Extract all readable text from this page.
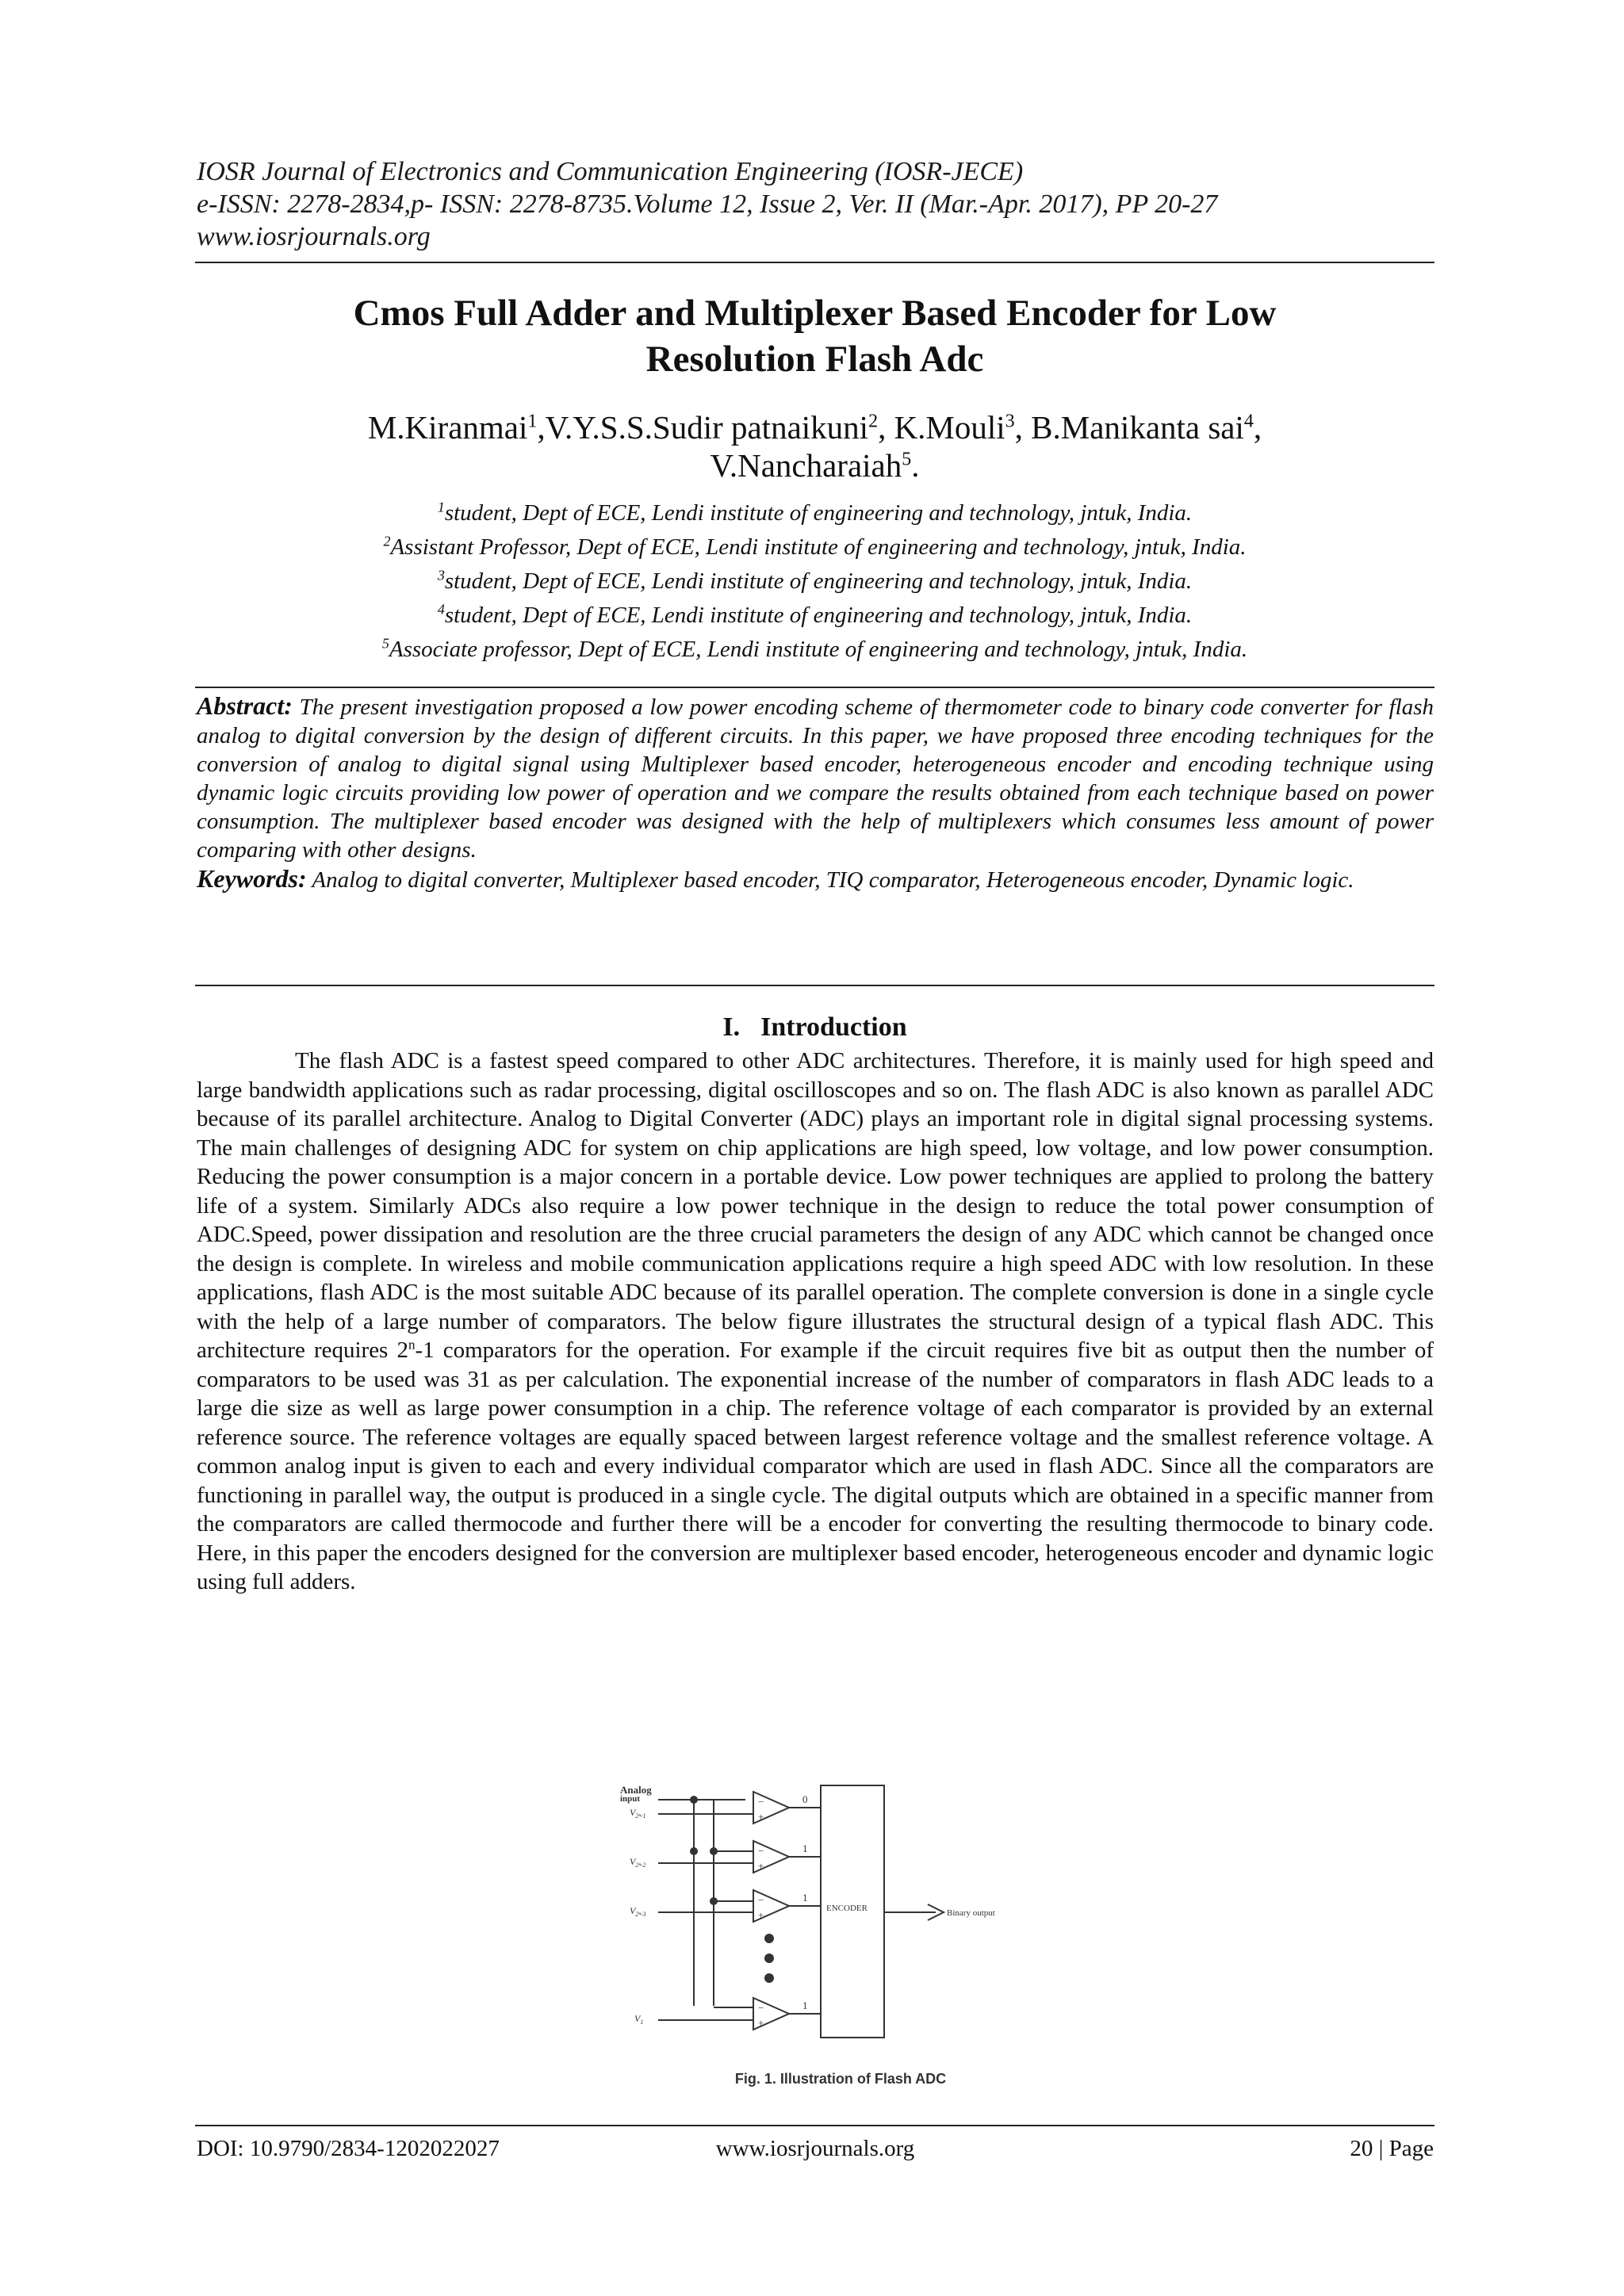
IOSR Journal of Electronics and Communication Engineering (IOSR-JECE)
e-ISSN: 2278-2834,p- ISSN: 2278-8735.Volume 12, Issue 2, Ver. II (Mar.-Apr. 2017), PP 20-27
www.iosrjournals.org
Cmos Full Adder and Multiplexer Based Encoder for Low
Resolution Flash Adc
M.Kiranmai$^1$,V.Y.S.S.Sudir patnaikuni$^2$, K.Mouli$^3$, B.Manikanta sai$^4$,
V.Nancharaiah$^5$.
$^1$student, Dept of ECE, Lendi institute of engineering and technology, jntuk, India.
$^2$Assistant Professor, Dept of ECE, Lendi institute of engineering and technology, jntuk, India.
$^3$student, Dept of ECE, Lendi institute of engineering and technology, jntuk, India.
$^4$student, Dept of ECE, Lendi institute of engineering and technology, jntuk, India.
$^5$Associate professor, Dept of ECE, Lendi institute of engineering and technology, jntuk, India.
Abstract: The present investigation proposed a low power encoding scheme of thermometer code to binary code converter for flash analog to digital conversion by the design of different circuits. In this paper, we have proposed three encoding techniques for the conversion of analog to digital signal using Multiplexer based encoder, heterogeneous encoder and encoding technique using dynamic logic circuits providing low power of operation and we compare the results obtained from each technique based on power consumption. The multiplexer based encoder was designed with the help of multiplexers which consumes less amount of power comparing with other designs.
Keywords: Analog to digital converter, Multiplexer based encoder, TIQ comparator, Heterogeneous encoder, Dynamic logic.
I. Introduction

The flash ADC is a fastest speed compared to other ADC architectures. Therefore, it is mainly used for high speed and large bandwidth applications such as radar processing, digital oscilloscopes and so on. The flash ADC is also known as parallel ADC because of its parallel architecture. Analog to Digital Converter (ADC) plays an important role in digital signal processing systems. The main challenges of designing ADC for system on chip applications are high speed, low voltage, and low power consumption. Reducing the power consumption is a major concern in a portable device. Low power techniques are applied to prolong the battery life of a system. Similarly ADCs also require a low power technique in the design to reduce the total power consumption of ADC.Speed, power dissipation and resolution are the three crucial parameters the design of any ADC which cannot be changed once the design is complete. In wireless and mobile communication applications require a high speed ADC with low resolution. In these applications, flash ADC is the most suitable ADC because of its parallel operation. The complete conversion is done in a single cycle with the help of a large number of comparators. The below figure illustrates the structural design of a typical flash ADC. This architecture requires 2$^n$-1 comparators for the operation. For example if the circuit requires five bit as output then the number of comparators to be used was 31 as per calculation. The exponential increase of the number of comparators in flash ADC leads to a large die size as well as large power consumption in a chip. The reference voltage of each comparator is provided by an external reference source. The reference voltages are equally spaced between largest reference voltage and the smallest reference voltage. A common analog input is given to each and every individual comparator which are used in flash ADC. Since all the comparators are functioning in parallel way, the output is produced in a single cycle. The digital outputs which are obtained in a specific manner from the comparators are called thermocode and further there will be a encoder for converting the resulting thermocode to binary code. Here, in this paper the encoders designed for the conversion are multiplexer based encoder, heterogeneous encoder and dynamic logic using full adders.

Analog
input
$V_{2^n-1}$
$V_{2^n-2}$
$V_{2^n-3}$
$V_1$
−
+
−
+
−
+
−
+
0
1
1
1
ENCODER	Binary output
Fig. 1. Illustration of Flash ADC
DOI: 10.9790/2834-1202022027	www.iosrjournals.org	20 | Page
